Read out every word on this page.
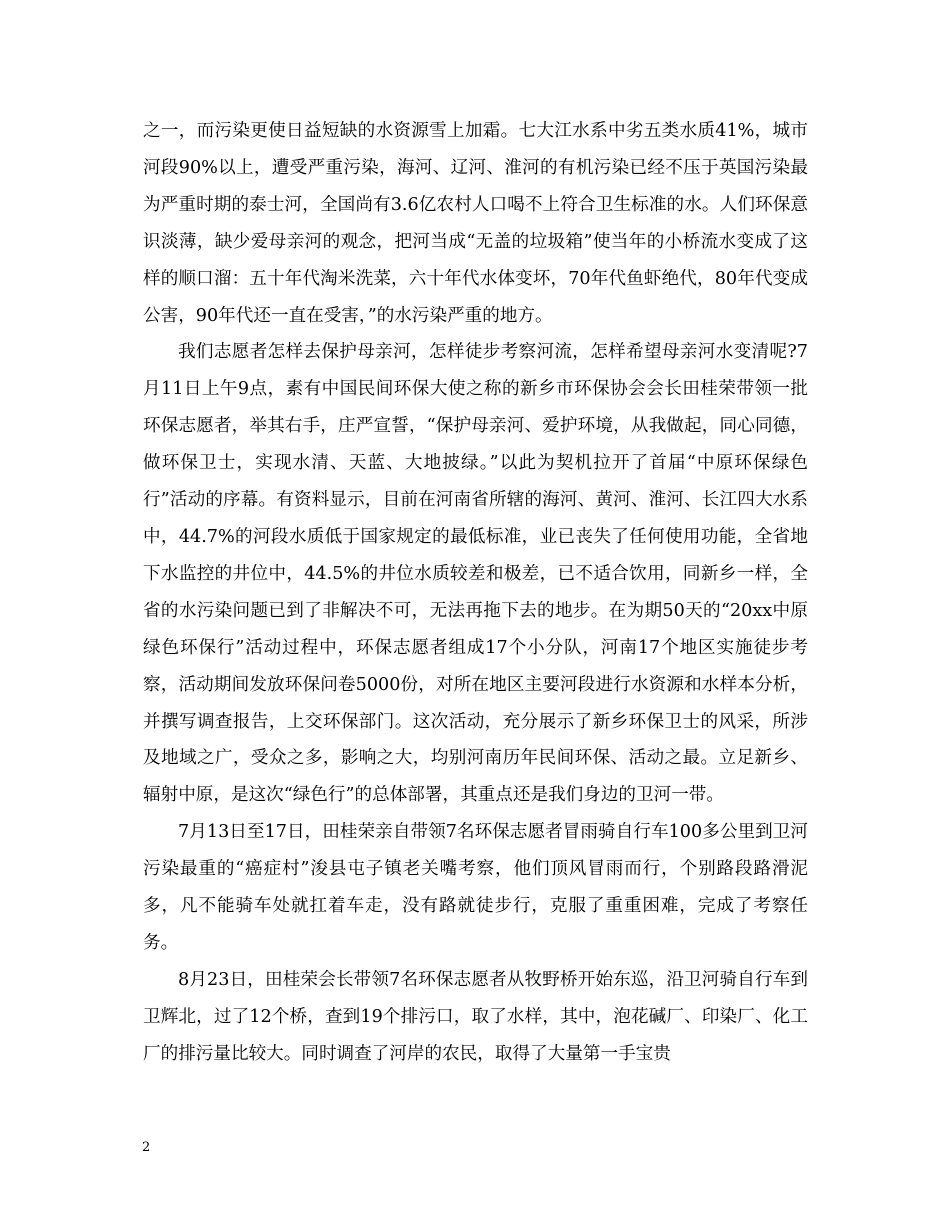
之一，而污染更使日益短缺的水资源雪上加霜。七大江水系中劣五类水质41%，城市河段90%以上，遭受严重污染，海河、辽河、淮河的有机污染已经不压于英国污染最为严重时期的泰士河，全国尚有3.6亿农村人口喝不上符合卫生标准的水。人们环保意识淡薄，缺少爱母亲河的观念，把河当成“无盖的垃圾箱”使当年的小桥流水变成了这样的顺口溜：五十年代淘米洗菜，六十年代水体变坏，70年代鱼虾绝代，80年代变成公害，90年代还一直在受害，”的水污染严重的地方。

我们志愿者怎样去保护母亲河，怎样徒步考察河流，怎样希望母亲河水变清呢?7月11日上午9点，素有中国民间环保大使之称的新乡市环保协会会长田桂荣带领一批环保志愿者，举其右手，庄严宣誓，“保护母亲河、爱护环境，从我做起，同心同德，做环保卫士，实现水清、天蓝、大地披绿。”以此为契机拉开了首届“中原环保绿色行”活动的序幕。有资料显示，目前在河南省所辖的海河、黄河、淮河、长江四大水系中，44.7%的河段水质低于国家规定的最低标准，业已丧失了任何使用功能，全省地下水监控的井位中，44.5%的井位水质较差和极差，已不适合饮用，同新乡一样，全省的水污染问题已到了非解决不可，无法再拖下去的地步。在为期50天的“20xx中原绿色环保行”活动过程中，环保志愿者组成17个小分队，河南17个地区实施徒步考察，活动期间发放环保问卷5000份，对所在地区主要河段进行水资源和水样本分析，并撰写调查报告，上交环保部门。这次活动，充分展示了新乡环保卫士的风采，所涉及地域之广，受众之多，影响之大，均别河南历年民间环保、活动之最。立足新乡、辐射中原，是这次“绿色行”的总体部署，其重点还是我们身边的卫河一带。

7月13日至17日，田桂荣亲自带领7名环保志愿者冒雨骑自行车100多公里到卫河污染最重的“癌症村”浚县屯子镇老关嘴考察，他们顶风冒雨而行，个别路段路滑泥多，凡不能骑车处就扛着车走，没有路就徒步行，克服了重重困难，完成了考察任务。

8月23日，田桂荣会长带领7名环保志愿者从牧野桥开始东巡，沿卫河骑自行车到卫辉北，过了12个桥，查到19个排污口，取了水样，其中，泡花碱厂、印染厂、化工厂的排污量比较大。同时调查了河岸的农民，取得了大量第一手宝贵

2
